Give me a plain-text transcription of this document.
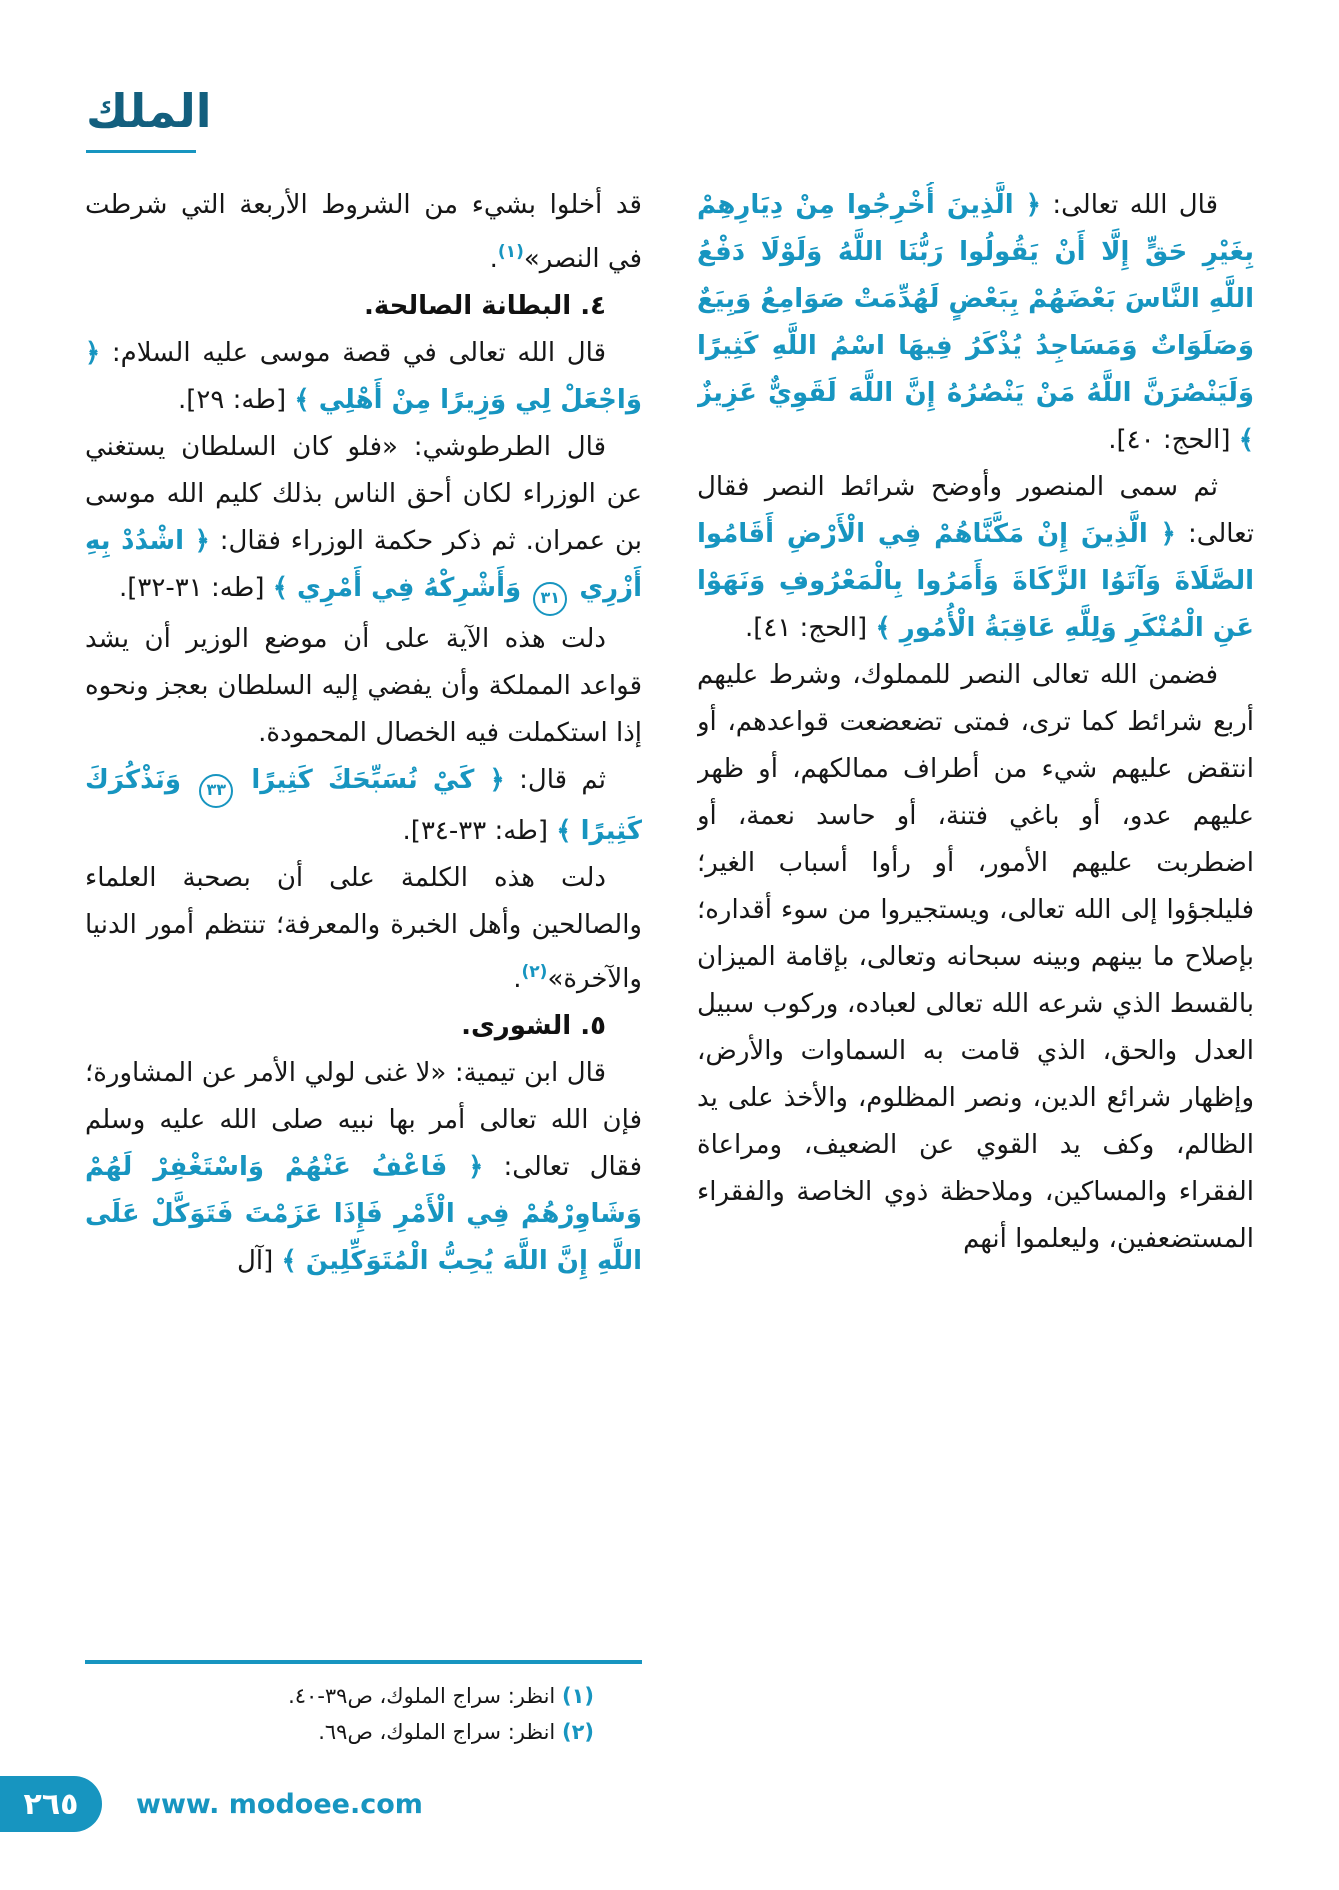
الملك

قال الله تعالى: ﴿ الَّذِينَ أُخْرِجُوا مِنْ دِيَارِهِمْ بِغَيْرِ حَقٍّ إِلَّا أَنْ يَقُولُوا رَبُّنَا اللَّهُ وَلَوْلَا دَفْعُ اللَّهِ النَّاسَ بَعْضَهُمْ بِبَعْضٍ لَهُدِّمَتْ صَوَامِعُ وَبِيَعٌ وَصَلَوَاتٌ وَمَسَاجِدُ يُذْكَرُ فِيهَا اسْمُ اللَّهِ كَثِيرًا وَلَيَنْصُرَنَّ اللَّهُ مَنْ يَنْصُرُهُ إِنَّ اللَّهَ لَقَوِيٌّ عَزِيزٌ ﴾ [الحج: ٤٠].

ثم سمى المنصور وأوضح شرائط النصر فقال تعالى: ﴿ الَّذِينَ إِنْ مَكَّنَّاهُمْ فِي الْأَرْضِ أَقَامُوا الصَّلَاةَ وَآتَوُا الزَّكَاةَ وَأَمَرُوا بِالْمَعْرُوفِ وَنَهَوْا عَنِ الْمُنْكَرِ وَلِلَّهِ عَاقِبَةُ الْأُمُورِ ﴾ [الحج: ٤١].

فضمن الله تعالى النصر للمملوك، وشرط عليهم أربع شرائط كما ترى، فمتى تضعضعت قواعدهم، أو انتقض عليهم شيء من أطراف ممالكهم، أو ظهر عليهم عدو، أو باغي فتنة، أو حاسد نعمة، أو اضطربت عليهم الأمور، أو رأوا أسباب الغير؛ فليلجؤوا إلى الله تعالى، ويستجيروا من سوء أقداره؛ بإصلاح ما بينهم وبينه سبحانه وتعالى، بإقامة الميزان بالقسط الذي شرعه الله تعالى لعباده، وركوب سبيل العدل والحق، الذي قامت به السماوات والأرض، وإظهار شرائع الدين، ونصر المظلوم، والأخذ على يد الظالم، وكف يد القوي عن الضعيف، ومراعاة الفقراء والمساكين، وملاحظة ذوي الخاصة والفقراء المستضعفين، وليعلموا أنهم

قد أخلوا بشيء من الشروط الأربعة التي شرطت في النصر»$^{(١)}$.

٤. البطانة الصالحة.

قال الله تعالى في قصة موسى عليه السلام: ﴿ وَاجْعَلْ لِي وَزِيرًا مِنْ أَهْلِي ﴾ [طه: ٢٩].

قال الطرطوشي: «فلو كان السلطان يستغني عن الوزراء لكان أحق الناس بذلك كليم الله موسى بن عمران. ثم ذكر حكمة الوزراء فقال: ﴿ اشْدُدْ بِهِ أَزْرِي ٣١ وَأَشْرِكْهُ فِي أَمْرِي ﴾ [طه: ٣١-٣٢].

دلت هذه الآية على أن موضع الوزير أن يشد قواعد المملكة وأن يفضي إليه السلطان بعجز ونحوه إذا استكملت فيه الخصال المحمودة.

ثم قال: ﴿ كَيْ نُسَبِّحَكَ كَثِيرًا ٣٣ وَنَذْكُرَكَ كَثِيرًا ﴾ [طه: ٣٣-٣٤].

دلت هذه الكلمة على أن بصحبة العلماء والصالحين وأهل الخبرة والمعرفة؛ تنتظم أمور الدنيا والآخرة»$^{(٢)}$.

٥. الشورى.

قال ابن تيمية: «لا غنى لولي الأمر عن المشاورة؛ فإن الله تعالى أمر بها نبيه صلى الله عليه وسلم فقال تعالى: ﴿ فَاعْفُ عَنْهُمْ وَاسْتَغْفِرْ لَهُمْ وَشَاوِرْهُمْ فِي الْأَمْرِ فَإِذَا عَزَمْتَ فَتَوَكَّلْ عَلَى اللَّهِ إِنَّ اللَّهَ يُحِبُّ الْمُتَوَكِّلِينَ ﴾ [آل

(١) انظر: سراج الملوك، ص٣٩-٤٠.
(٢) انظر: سراج الملوك، ص٦٩.
٢٦٥ www. modoee.com
